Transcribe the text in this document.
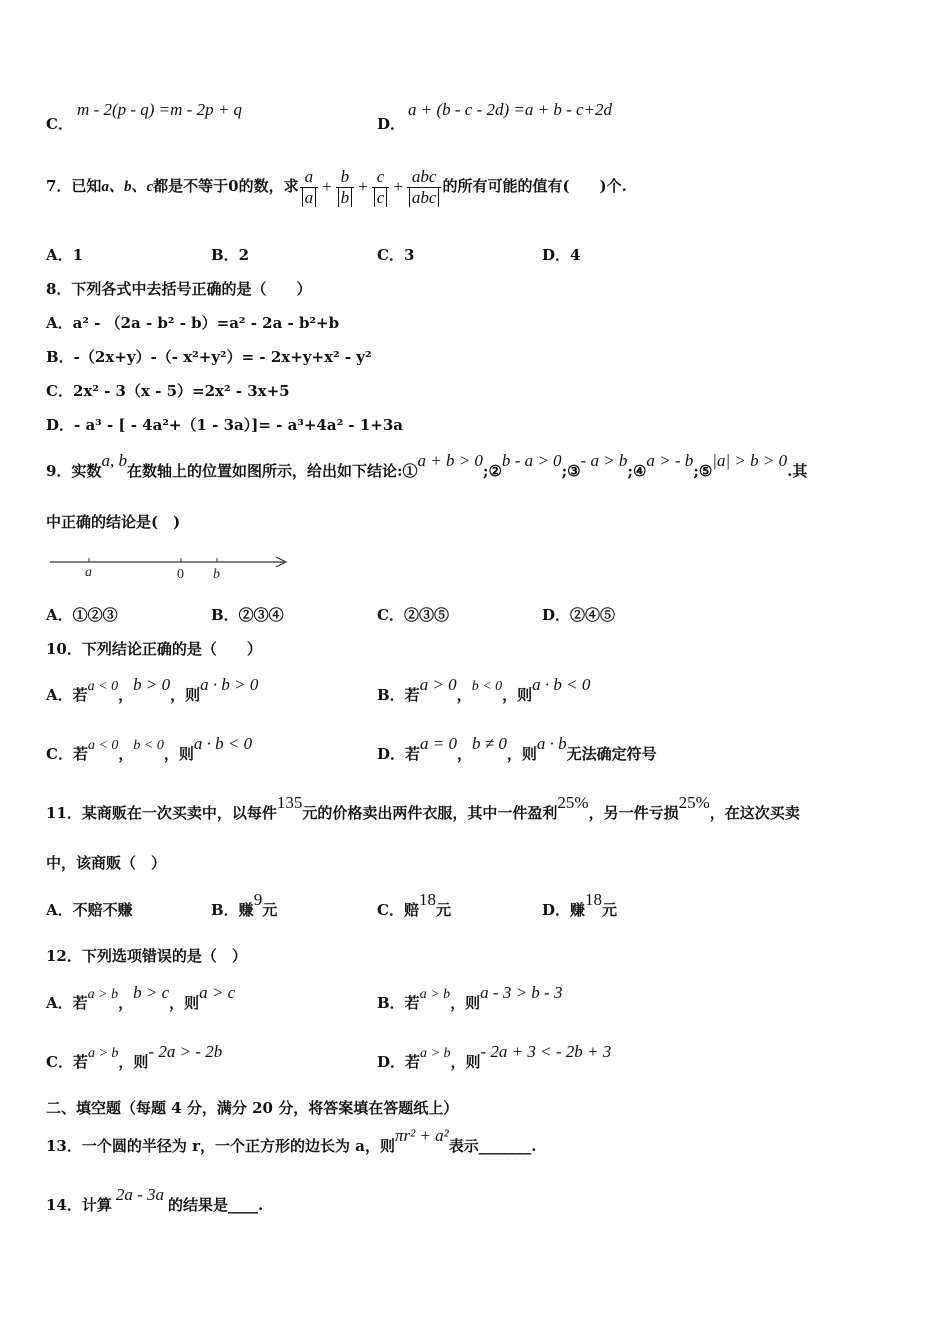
C．
m - 2(p - q) =m - 2p + q
D．
a + (b - c - 2d) =a + b - c+2d
7．已知a、b、c都是不等于0的数，求 $\frac{a}{a} + \frac{b}{b} + \frac{c}{c} + \frac{\text{abc}}{\text{abc}}$ 的所有可能的值有(　　)个.
A．1	B．2	C．3	D．4
8．下列各式中去括号正确的是（　　）
A．a² - （2a - b² - b）=a² - 2a - b²+b
B．-（2x+y）-（- x²+y²）= - 2x+y+x² - y²
C．2x² - 3（x - 5）=2x² - 3x+5
D．- a³ - [ - 4a²+（1 - 3a）]= - a³+4a² - 1+3a
9．实数a, b在数轴上的位置如图所示，给出如下结论:①a + b > 0;②b - a > 0;③- a > b;④a > - b;⑤|a| > b > 0.其
中正确的结论是(　)
a	0 b
A．①②③	B．②③④	C．②③⑤	D．②④⑤
10．下列结论正确的是（　　）
A．若a < 0，b > 0，则a · b > 0
B．若a > 0，b < 0，则a · b < 0
C．若a < 0，b < 0，则a · b < 0
D．若a = 0，b ≠ 0，则a · b无法确定符号
11．某商贩在一次买卖中，以每件135元的价格卖出两件衣服，其中一件盈利25%，另一件亏损25%，在这次买卖
中，该商贩（　）
A．不赔不赚	B．赚9元	C．赔18元	D．赚18元
12．下列选项错误的是（　）
A．若a > b，b > c，则a > c
B．若a > b，则a - 3 > b - 3
C．若a > b，则- 2a > - 2b
D．若a > b，则- 2a + 3 < - 2b + 3
二、填空题（每题 4 分，满分 20 分，将答案填在答题纸上）
13．一个圆的半径为 r，一个正方形的边长为 a，则πr² + a²表示_______.
14．计算2a - 3a的结果是____.
